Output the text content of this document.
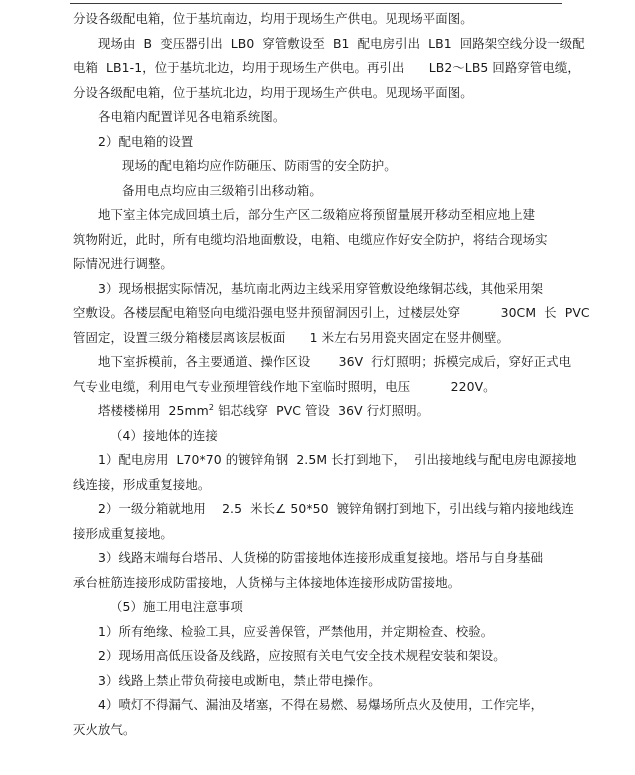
分设各级配电箱，位于基坑南边，均用于现场生产供电。见现场平面图。
现场由  B  变压器引出  LB0  穿管敷设至  B1  配电房引出  LB1  回路架空线分设一级配
电箱  LB1-1，位于基坑北边，均用于现场生产供电。再引出      LB2～LB5 回路穿管电缆，
分设各级配电箱，位于基坑北边，均用于现场生产供电。见现场平面图。
各电箱内配置详见各电箱系统图。
2）配电箱的设置
现场的配电箱均应作防砸压、防雨雪的安全防护。
备用电点均应由三级箱引出移动箱。
地下室主体完成回填土后，部分生产区二级箱应将预留量展开移动至相应地上建
筑物附近，此时，所有电缆均沿地面敷设，电箱、电缆应作好安全防护，将结合现场实
际情况进行调整。
3）现场根据实际情况，基坑南北两边主线采用穿管敷设绝缘铜芯线，其他采用架
空敷设。各楼层配电箱竖向电缆沿强电竖井预留洞因引上，过楼层处穿          30CM  长  PVC
管固定，设置三级分箱楼层离该层板面      1 米左右另用瓷夹固定在竖井侧壁。
地下室拆模前，各主要通道、操作区设       36V  行灯照明；拆模完成后，穿好正式电
气专业电缆，利用电气专业预埋管线作地下室临时照明，电压          220V。
塔楼楼梯用  $25mm^2$ 铝芯线穿  PVC 管设  36V 行灯照明。
（4）接地体的连接
1）配电房用  L70*70 的镀锌角钢  2.5M 长打到地下，  引出接地线与配电房电源接地
线连接，形成重复接地。
2）一级分箱就地用    2.5  米长∠ 50*50  镀锌角钢打到地下，引出线与箱内接地线连
接形成重复接地。
3）线路末端每台塔吊、人货梯的防雷接地体连接形成重复接地。塔吊与自身基础
承台桩筋连接形成防雷接地，人货梯与主体接地体连接形成防雷接地。
（5）施工用电注意事项
1）所有绝缘、检验工具，应妥善保管，严禁他用，并定期检查、校验。
2）现场用高低压设备及线路，应按照有关电气安全技术规程安装和架设。
3）线路上禁止带负荷接电或断电，禁止带电操作。
4）喷灯不得漏气、漏油及堵塞，不得在易燃、易爆场所点火及使用，工作完毕，
灭火放气。
